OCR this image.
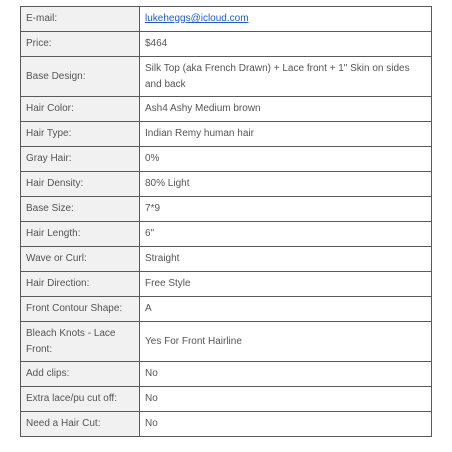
E-mail:	lukeheggs@icloud.com
Price:	$464
Base Design:	Silk Top (aka French Drawn) + Lace front + 1" Skin on sides and back
Hair Color:	Ash4 Ashy Medium brown
Hair Type:	Indian Remy human hair
Gray Hair:	0%
Hair Density:	80% Light
Base Size:	7*9
Hair Length:	6"
Wave or Curl:	Straight
Hair Direction:	Free Style
Front Contour Shape:	A
Bleach Knots - Lace Front:	Yes For Front Hairline
Add clips:	No
Extra lace/pu cut off:	No
Need a Hair Cut:	No
